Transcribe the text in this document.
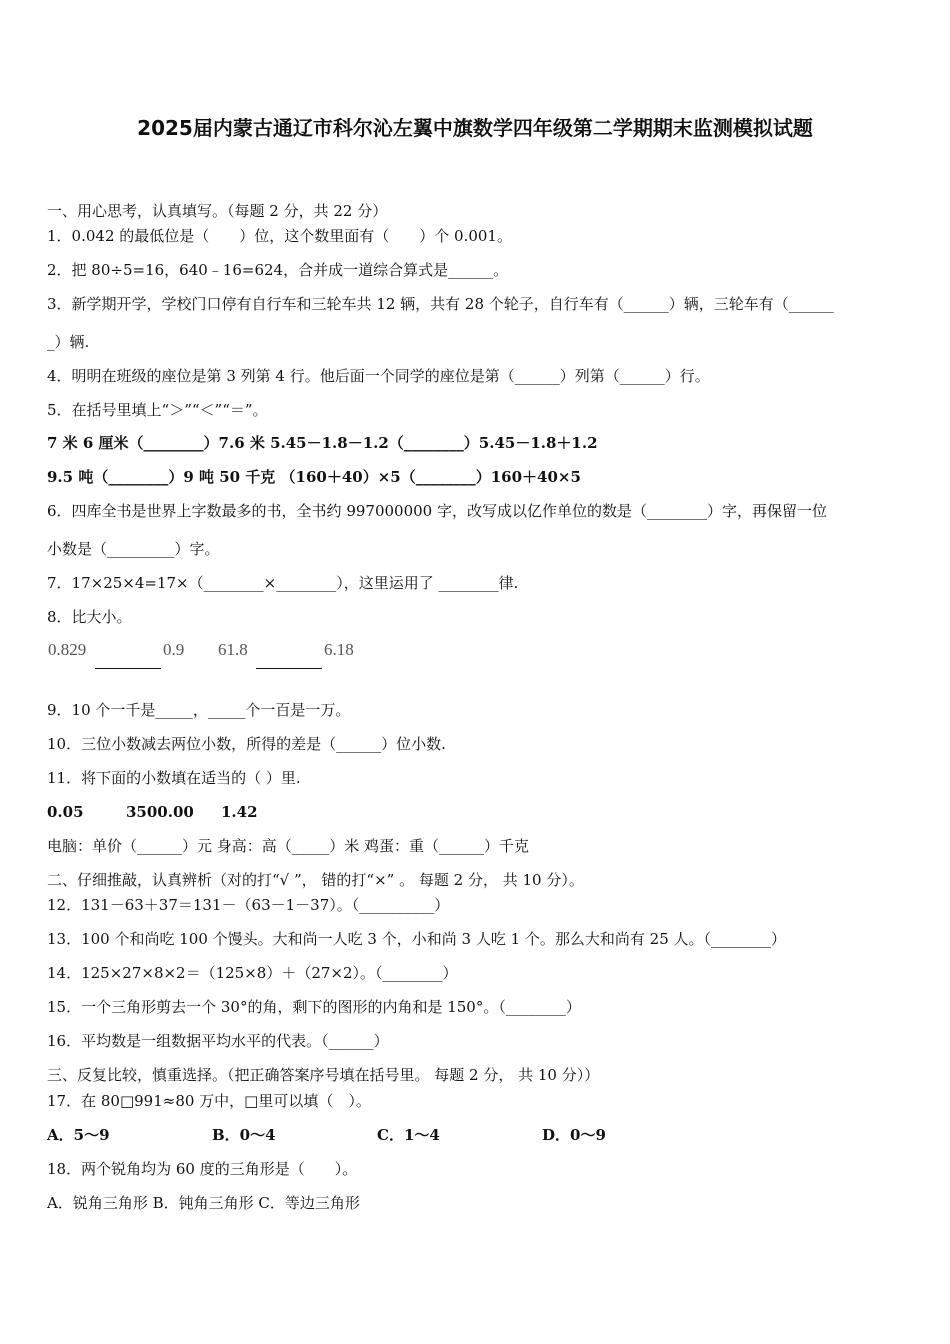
2025届内蒙古通辽市科尔沁左翼中旗数学四年级第二学期期末监测模拟试题
一、用心思考，认真填写。（每题 2 分，共 22 分）
1．0.042 的最低位是（　　）位，这个数里面有（　　）个 0.001。
2．把 80÷5=16，640﹣16=624，合并成一道综合算式是______。
3．新学期开学，学校门口停有自行车和三轮车共 12 辆，共有 28 个轮子，自行车有（______）辆，三轮车有（______
_）辆.
4．明明在班级的座位是第 3 列第 4 行。他后面一个同学的座位是第（______）列第（______）行。
5．在括号里填上“＞”“＜”“＝”。
7 米 6 厘米（________）7.6 米 5.45－1.8－1.2（________）5.45－1.8＋1.2
9.5 吨（________）9 吨 50 千克 （160＋40）×5（________）160＋40×5
6．四库全书是世界上字数最多的书，全书约 997000000 字，改写成以亿作单位的数是（________）字，再保留一位
小数是（_________）字。
7．17×25×4=17×（________×________），这里运用了 ________律.
8．比大小。
0.829	0.9 61.8	6.18
9．10 个一千是_____，_____个一百是一万。
10．三位小数减去两位小数，所得的差是（______）位小数.
11．将下面的小数填在适当的（ ）里.
0.05	3500.00 1.42
电脑：单价（______）元 身高：高（_____）米 鸡蛋：重（______）千克
二、仔细推敲，认真辨析（对的打“√ ”， 错的打“×” 。 每题 2 分， 共 10 分）。
12．131－63＋37＝131－（63－1－37）。（__________）
13．100 个和尚吃 100 个馒头。大和尚一人吃 3 个，小和尚 3 人吃 1 个。那么大和尚有 25 人。（________）
14．125×27×8×2＝（125×8）＋（27×2）。（________）
15．一个三角形剪去一个 30°的角，剩下的图形的内角和是 150°。（________）
16．平均数是一组数据平均水平的代表。（______）
三、反复比较，慎重选择。（把正确答案序号填在括号里。 每题 2 分， 共 10 分））
17．在 80□991≈80 万中，□里可以填（　）。
A．5～9	B．0～4	C．1～4	D．0～9
18．两个锐角均为 60 度的三角形是（　　）。
A．锐角三角形 B．钝角三角形 C．等边三角形
